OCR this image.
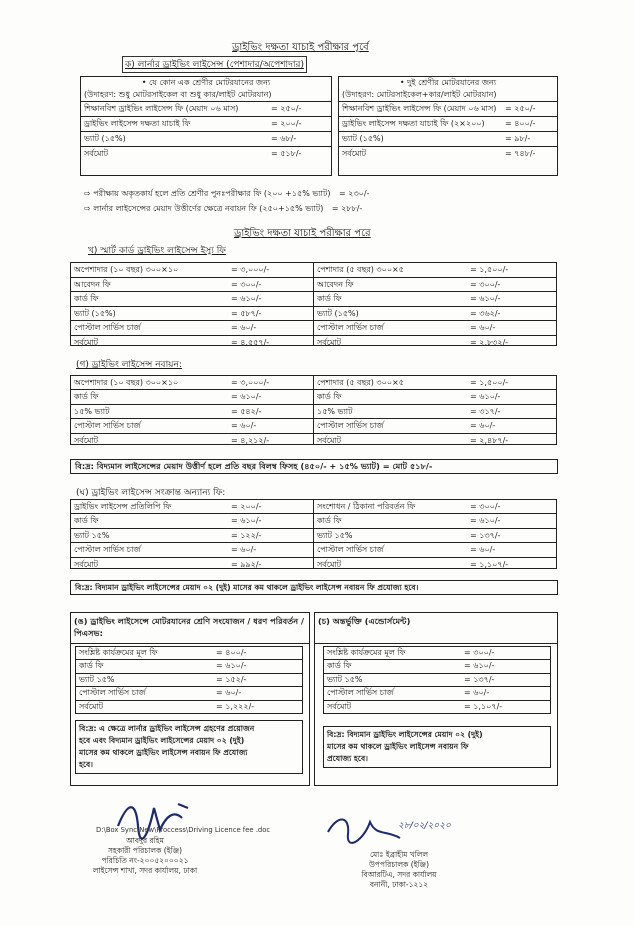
ড্রাইভিং দক্ষতা যাচাই পরীক্ষার পূর্বে
ক) লার্নার ড্রাইভিং লাইসেন্স (পেশাদার/অপেশাদার)
• যে কোন এক শ্রেণীর মোটরযানের জন্য
(উদাহরণ: শুধু মোটরসাইকেল বা শুধু কার/লাইট মোটরযান)
শিক্ষানবিশ ড্রাইভিং লাইসেন্স ফি (মেয়াদ ০৬ মাস)	= ২৫০/-
ড্রাইভিং লাইসেন্স দক্ষতা যাচাই ফি	= ২০০/-
ভ্যাট (১৫%)	= ৬৮/-
সর্বমোট	= ৫১৮/-
• দুই শ্রেণীর মোটরযানের জন্য
(উদাহরণ: মোটরসাইকেল+কার/লাইট মোটরযান)
শিক্ষানবিশ ড্রাইভিং লাইসেন্স ফি (মেয়াদ ০৬ মাস) = ২৫০/-
ড্রাইভিং লাইসেন্স দক্ষতা যাচাই ফি (২×২০০)	= ৪০০/-
ভ্যাট (১৫%)	= ৯৮/-
সর্বমোট	= ৭৪৮/-
⇨ পরীক্ষায় অকৃতকার্য হলে প্রতি শ্রেণীর পুনঃপরীক্ষার ফি (২০০ +১৫% ভ্যাট) = ২৩০/-
⇨ লার্নার লাইসেন্সের মেয়াদ উত্তীর্ণের ক্ষেত্রে নবায়ন ফি (২৫০+১৫% ভ্যাট) = ২৮৮/-
ড্রাইভিং দক্ষতা যাচাই পরীক্ষার পরে
খ) স্মার্ট কার্ড ড্রাইভিং লাইসেন্স ইস্যু ফি
অপেশাদার (১০ বছর) ৩০০×১০	= ৩,০০০/-
আবেদন ফি	= ৩০০/-
কার্ড ফি	= ৬১০/-
ভ্যাট (১৫%)	= ৫৮৭/-
পোস্টাল সার্ভিস চার্জ	= ৬০/-
সর্বমোট	= ৪,৫৫৭/-
পেশাদার (৫ বছর) ৩০০×৫	= ১,৫০০/-
আবেদন ফি	= ৩০০/-
কার্ড ফি	= ৬১০/-
ভ্যাট (১৫%)	= ৩৬২/-
পোস্টাল সার্ভিস চার্জ	= ৬০/-
সর্বমোট	= ২,৮৩২/-
(গ) ড্রাইভিং লাইসেন্স নবায়ন:
অপেশাদার (১০ বছর) ৩০০×১০	= ৩,০০০/-
কার্ড ফি	= ৬১০/-
১৫% ভ্যাট	= ৫৪২/-
পোস্টাল সার্ভিস চার্জ	= ৬০/-
সর্বমোট	= ৪,২১২/-
পেশাদার (৫ বছর) ৩০০×৫	= ১,৫০০/-
কার্ড ফি	= ৬১০/-
১৫% ভ্যাট	= ৩১৭/-
পোস্টাল সার্ভিস চার্জ	= ৬০/-
সর্বমোট	= ২,৪৮৭/-
বি:দ্র: বিদ্যমান লাইসেন্সের মেয়াদ উত্তীর্ণ হলে প্রতি বছর বিলম্ব ফিসহ (৪৫০/- + ১৫% ভ্যাট) = মোট ৫১৮/-
(ঘ) ড্রাইভিং লাইসেন্স সংক্রান্ত অন্যান্য ফি:
ড্রাইভিং লাইসেন্স প্রতিলিপি ফি	= ২০০/-
কার্ড ফি	= ৬১০/-
ভ্যাট ১৫%	= ১২২/-
পোস্টাল সার্ভিস চার্জ	= ৬০/-
সর্বমোট	= ৯৯২/-
সংশোধন / ঠিকানা পরিবর্তন ফি	= ৩০০/-
কার্ড ফি	= ৬১০/-
ভ্যাট ১৫%	= ১৩৭/-
পোস্টাল সার্ভিস চার্জ	= ৬০/-
সর্বমোট	= ১,১০৭/-
বি:দ্র: বিদ্যমান ড্রাইভিং লাইসেন্সের মেয়াদ ০২ (দুই) মাসের কম থাকলে ড্রাইভিং লাইসেন্স নবায়ন ফি প্রযোজ্য হবে।
(ঙ) ড্রাইভিং লাইসেন্সে মোটরযানের শ্রেণি সংযোজন / ধরণ পরিবর্তন / পিএসভ:
সংশ্লিষ্ট কার্যক্রমের মূল ফি	= ৪০০/-
কার্ড ফি	= ৬১০/-
ভ্যাট ১৫%	= ১৫২/-
পোস্টাল সার্ভিস চার্জ	= ৬০/-
সর্বমোট	= ১,২২২/-
বি:দ্র: এ ক্ষেত্রে লার্নার ড্রাইভিং লাইসেন্স গ্রহণের প্রয়োজন
হবে এবং বিদ্যমান ড্রাইভিং লাইসেন্সের মেয়াদ ০২ (দুই)
মাসের কম থাকলে ড্রাইভিং লাইসেন্স নবায়ন ফি প্রযোজ্য
হবে।
(চ) অন্তর্ভুক্তি (এন্ডোর্সমেন্ট)
সংশ্লিষ্ট কার্যক্রমের মূল ফি	= ৩০০/-
কার্ড ফি	= ৬১০/-
ভ্যাট ১৫%	= ১৩৭/-
পোস্টাল সার্ভিস চার্জ	= ৬০/-
সর্বমোট	= ১,১০৭/-
বি:দ্র: বিদ্যমান ড্রাইভিং লাইসেন্সের মেয়াদ ০২ (দুই)
মাসের কম থাকলে ড্রাইভিং লাইসেন্স নবায়ন ফি
প্রযোজ্য হবে।
D:\Box Sync\New\Proccess\Driving Licence fee .doc
আবদুর রহিম
সহকারী পরিচালক (ইঞ্জি)
পরিচিতি নং-২০০৫২০০০২১
লাইসেন্স শাখা, সদর কার্যালয়, ঢাকা
২৮/০২/২০২০
মোঃ ইব্রাহীম খলিল
উপপরিচালক (ইঞ্জি)
বিআরটিএ, সদর কার্যালয়
বনানী, ঢাকা-১২১২
